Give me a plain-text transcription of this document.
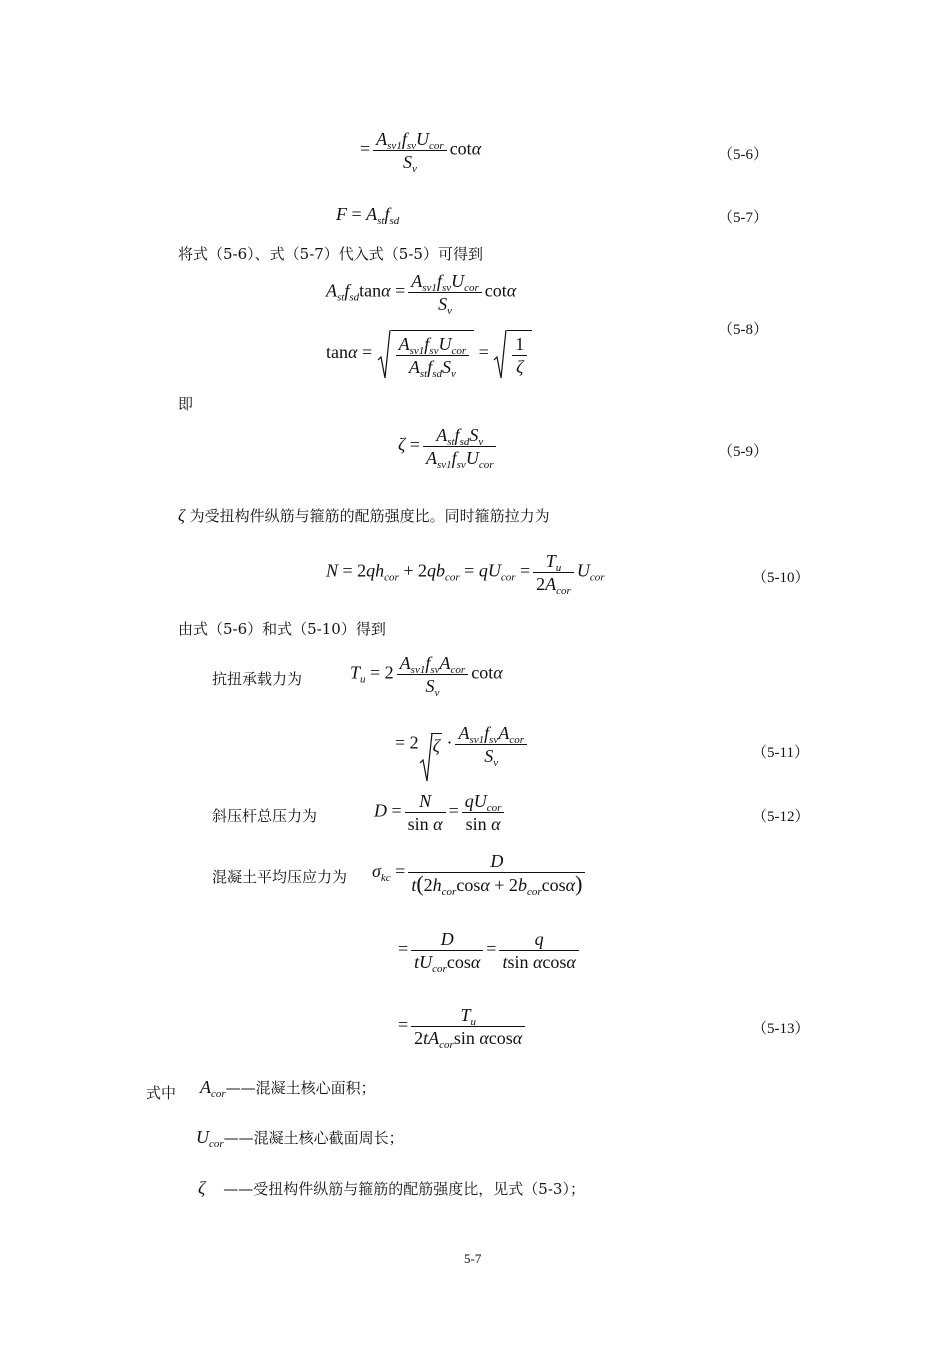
= $\frac{A_{sv1}f_{sv}U_{cor}}{S_v}$ cotα	（5-6）
$F = A_{st}f_{sd}$	（5-7）
将式（5-6）、式（5-7）代入式（5-5）可得到
$A_{st}f_{sd}\tan\alpha = \frac{A_{sv1}f_{sv}U_{cor}}{S_v}$ cotα
$\tan\alpha = \frac{A_{sv1}f_{sv}U_{cor}}{A_{st}f_{sd}S_v} = \frac{1}{\zeta}$
（5-8）
即
$\zeta = \frac{A_{st}f_{sd}S_v}{A_{sv1}f_{sv}U_{cor}}$	（5-9）
ζ 为受扭构件纵筋与箍筋的配筋强度比。同时箍筋拉力为
$N = 2qh_{cor} + 2qb_{cor} = qU_{cor} = \frac{T_u}{2A_{cor}} U_{cor}$	（5-10）
由式（5-6）和式（5-10）得到
抗扭承载力为	$T_u = 2 \frac{A_{sv1}f_{sv}A_{cor}}{S_v}$ cotα
= 2 $\zeta \cdot \frac{A_{sv1}f_{sv}A_{cor}}{S_v}$	（5-11）
斜压杆总压力为	$D = \frac{N}{\text{sin α}} = \frac{qU_{cor}}{\text{sin α}}$	（5-12）
混凝土平均压应力为 $\sigma_{kc} = \frac{D}{t(2h_{cor}\cos\alpha + 2b_{cor}\cos\alpha)}$
= $\frac{D}{tU_{cor}\cos\alpha} = \frac{q}{\text{tsin αcosα}}$
= $\frac{T_u}{2tA_{cor}\sin \alpha\cos\alpha}$	（5-13）
式中 $A_{cor}——$混凝土核心面积；
$U_{cor}——$混凝土核心截面周长；
ζ ——受扭构件纵筋与箍筋的配筋强度比，见式（5-3）；
5-7
